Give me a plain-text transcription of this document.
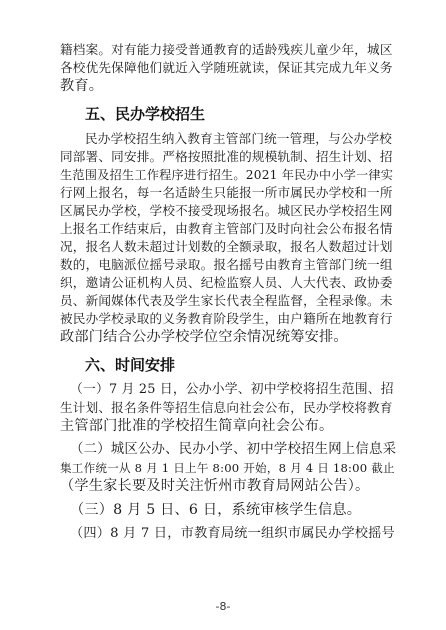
籍档案。对有能力接受普通教育的适龄残疾儿童少年，城区
各校优先保障他们就近入学随班就读，保证其完成九年义务
教育。
五、民办学校招生
民办学校招生纳入教育主管部门统一管理，与公办学校
同部署、同安排。严格按照批准的规模轨制、招生计划、招
生范围及招生工作程序进行招生。2021 年民办中小学一律实
行网上报名，每一名适龄生只能报一所市属民办学校和一所
区属民办学校，学校不接受现场报名。城区民办学校招生网
上报名工作结束后，由教育主管部门及时向社会公布报名情
况，报名人数未超过计划数的全额录取，报名人数超过计划
数的，电脑派位摇号录取。报名摇号由教育主管部门统一组
织，邀请公证机构人员、纪检监察人员、人大代表、政协委
员、新闻媒体代表及学生家长代表全程监督，全程录像。未
被民办学校录取的义务教育阶段学生，由户籍所在地教育行
政部门结合公办学校学位空余情况统筹安排。
六、时间安排
（一）7 月 25 日，公办小学、初中学校将招生范围、招
生计划、报名条件等招生信息向社会公布，民办学校将教育
主管部门批准的学校招生简章向社会公布。
（二）城区公办、民办小学、初中学校招生网上信息采
集工作统一从 8 月 1 日上午 8:00 开始，8 月 4 日 18:00 截止
（学生家长要及时关注忻州市教育局网站公告）。
（三）8 月 5 日、6 日，系统审核学生信息。
（四）8 月 7 日，市教育局统一组织市属民办学校摇号
-8-
